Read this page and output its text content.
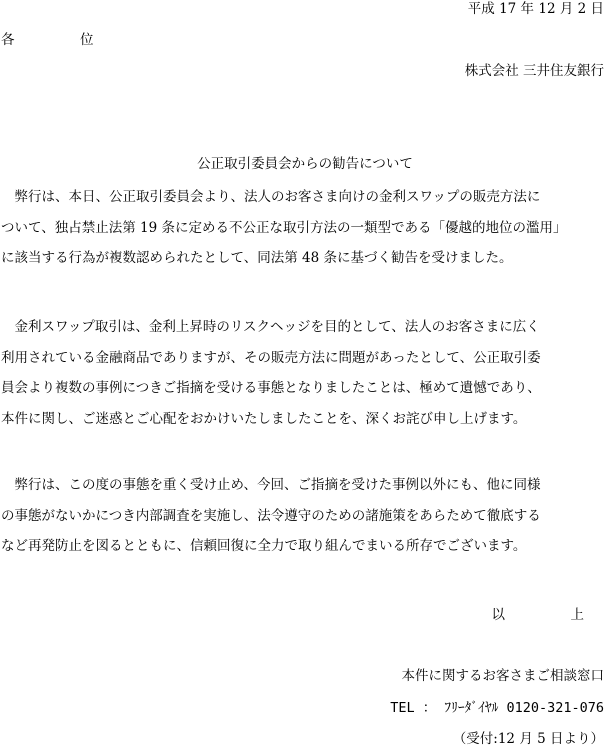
平成 17 年 12 月 2 日
各　位
株式会社 三井住友銀行
公正取引委員会からの勧告について
　弊行は、本日、公正取引委員会より、法人のお客さま向けの金利スワップの販売方法に
ついて、独占禁止法第 19 条に定める不公正な取引方法の一類型である「優越的地位の濫用」
に該当する行為が複数認められたとして、同法第 48 条に基づく勧告を受けました。
　金利スワップ取引は、金利上昇時のリスクヘッジを目的として、法人のお客さまに広く
利用されている金融商品でありますが、その販売方法に問題があったとして、公正取引委
員会より複数の事例につきご指摘を受ける事態となりましたことは、極めて遺憾であり、
本件に関し、ご迷惑とご心配をおかけいたしましたことを、深くお詫び申し上げます。
　弊行は、この度の事態を重く受け止め、今回、ご指摘を受けた事例以外にも、他に同様
の事態がないかにつき内部調査を実施し、法令遵守のための諸施策をあらためて徹底する
など再発防止を図るとともに、信頼回復に全力で取り組んでまいる所存でございます。
以　上
本件に関するお客さまご相談窓口
TEL ： ﾌﾘｰﾀﾞｲﾔﾙ 0120-321-076
（受付:12 月 5 日より）
